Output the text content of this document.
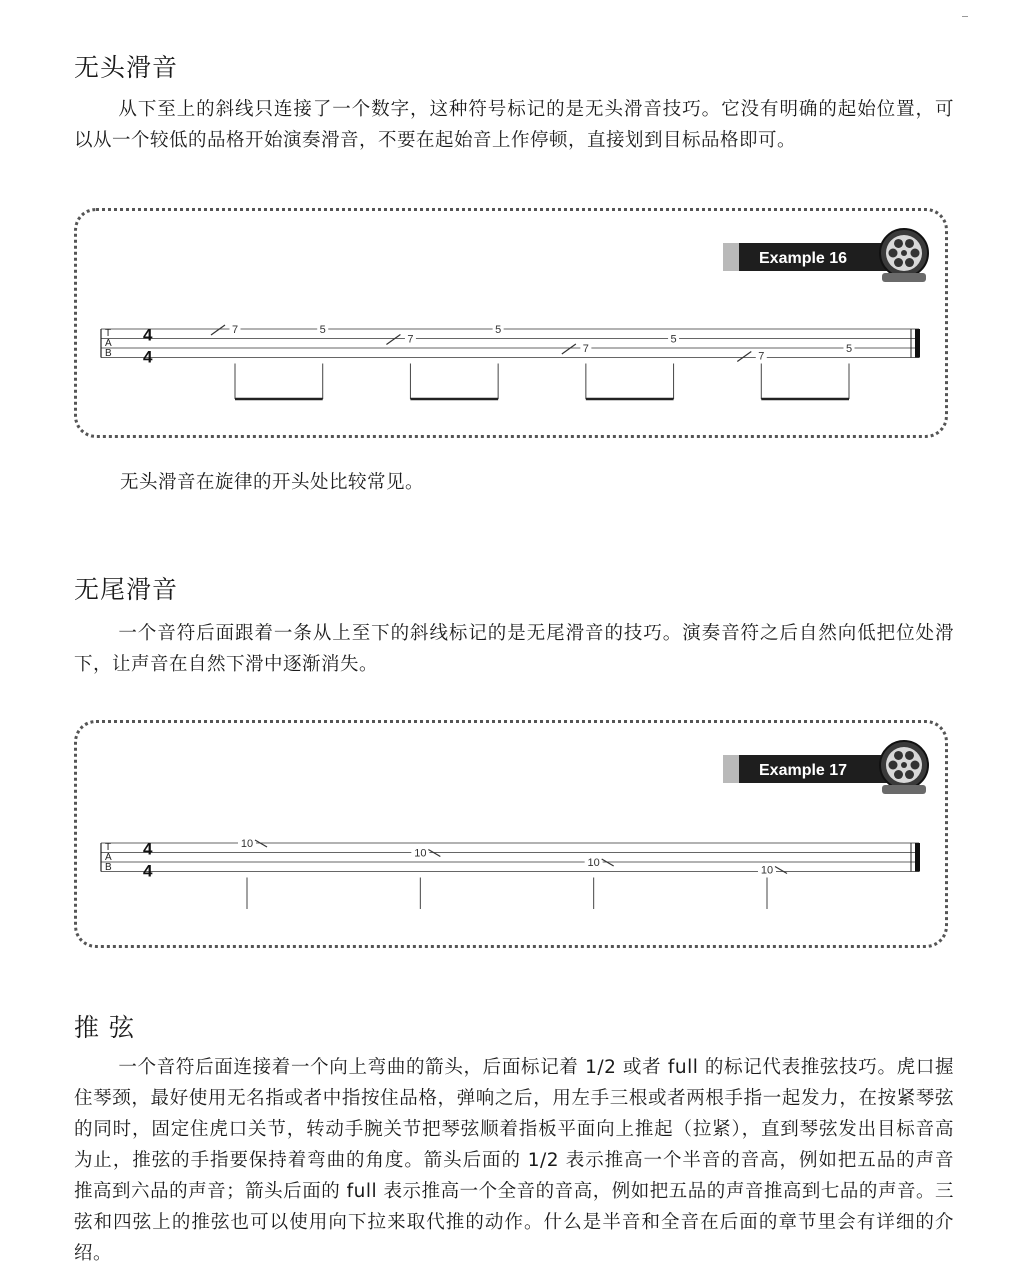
无头滑音

从下至上的斜线只连接了一个数字，这种符号标记的是无头滑音技巧。它没有明确的起始位置，可以从一个较低的品格开始演奏滑音，不要在起始音上作停顿，直接划到目标品格即可。

Example 16
T
A
B
4
4
7	5
7
5
7
5
7
5

无头滑音在旋律的开头处比较常见。

无尾滑音

一个音符后面跟着一条从上至下的斜线标记的是无尾滑音的技巧。演奏音符之后自然向低把位处滑下，让声音在自然下滑中逐渐消失。

Example 17
T
A
B
4
4
10
10
10
10
推 弦

一个音符后面连接着一个向上弯曲的箭头，后面标记着 1/2 或者 full 的标记代表推弦技巧。虎口握住琴颈，最好使用无名指或者中指按住品格，弹响之后，用左手三根或者两根手指一起发力，在按紧琴弦的同时，固定住虎口关节，转动手腕关节把琴弦顺着指板平面向上推起（拉紧），直到琴弦发出目标音高为止，推弦的手指要保持着弯曲的角度。箭头后面的 1/2 表示推高一个半音的音高，例如把五品的声音推高到六品的声音；箭头后面的 full 表示推高一个全音的音高，例如把五品的声音推高到七品的声音。三弦和四弦上的推弦也可以使用向下拉来取代推的动作。什么是半音和全音在后面的章节里会有详细的介绍。
